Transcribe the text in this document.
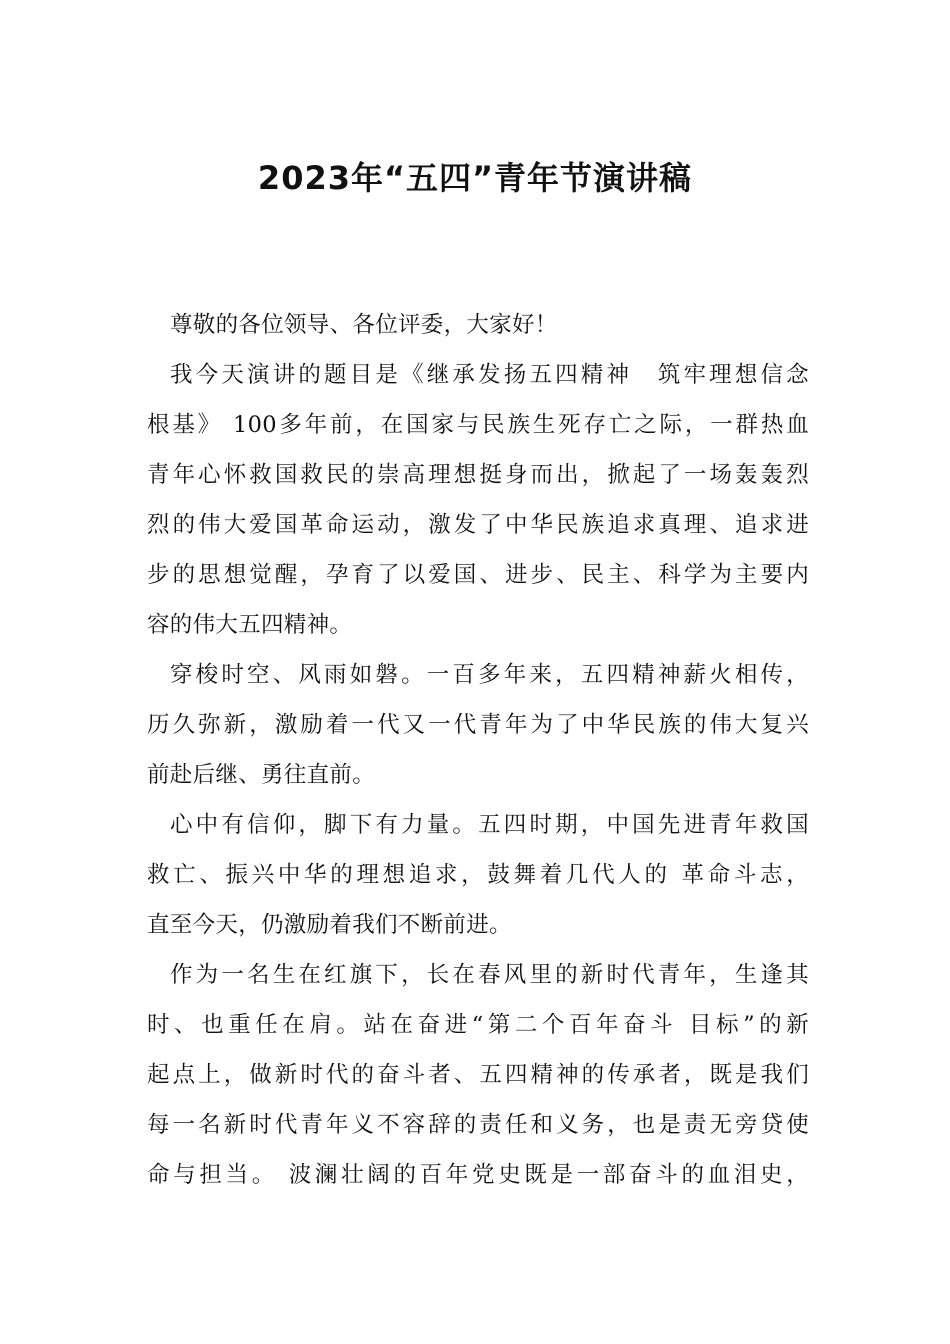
2023年“五四”青年节演讲稿
尊敬的各位领导、各位评委，大家好！
我今天演讲的题目是《继承发扬五四精神　筑牢理想信念
根基》 100多年前，在国家与民族生死存亡之际，一群热血
青年心怀救国救民的崇高理想挺身而出，掀起了一场轰轰烈
烈的伟大爱国革命运动，激发了中华民族追求真理、追求进
步的思想觉醒，孕育了以爱国、进步、民主、科学为主要内
容的伟大五四精神。
穿梭时空、风雨如磐。一百多年来，五四精神薪火相传，
历久弥新，激励着一代又一代青年为了中华民族的伟大复兴
前赴后继、勇往直前。
心中有信仰，脚下有力量。五四时期，中国先进青年救国
救亡、振兴中华的理想追求，鼓舞着几代人的 革命斗志，
直至今天，仍激励着我们不断前进。
作为一名生在红旗下，长在春风里的新时代青年，生逢其
时、也重任在肩。站在奋进“第二个百年奋斗 目标”的新
起点上，做新时代的奋斗者、五四精神的传承者，既是我们
每一名新时代青年义不容辞的责任和义务，也是责无旁贷使
命与担当。 波澜壮阔的百年党史既是一部奋斗的血泪史，
